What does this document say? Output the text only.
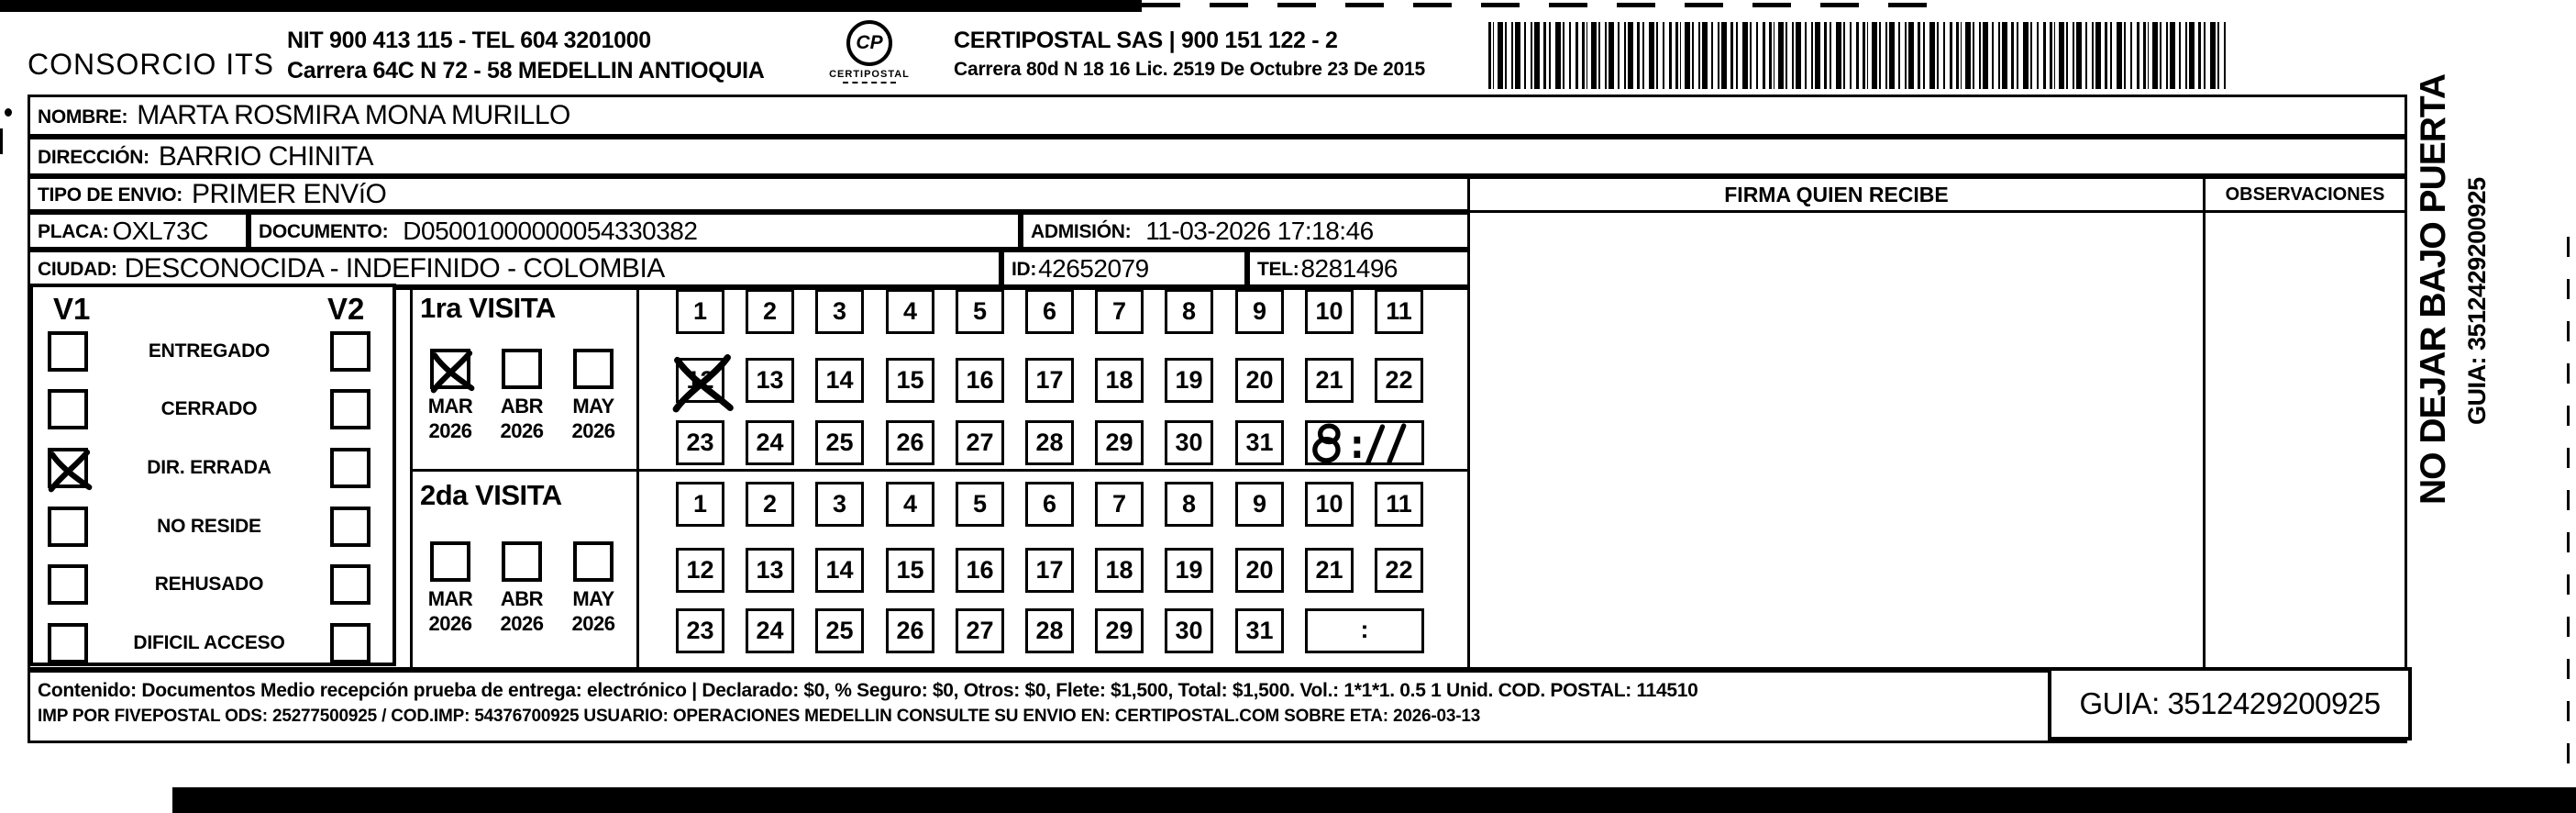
CONSORCIO ITS
NIT 900 413 115 - TEL 604 3201000
Carrera 64C N 72 - 58 MEDELLIN ANTIOQUIA
CP
CERTIPOSTAL
CERTIPOSTAL SAS | 900 151 122 - 2
Carrera 80d N 18 16 Lic. 2519 De Octubre 23 De 2015
NOMBRE: MARTA ROSMIRA MONA MURILLO
DIRECCIÓN: BARRIO CHINITA
TIPO DE ENVIO: PRIMER ENVíO
PLACA: OXL73C	DOCUMENTO: D05001000000054330382	ADMISIÓN: 11-03-2026 17:18:46
CIUDAD: DESCONOCIDA - INDEFINIDO - COLOMBIA	ID: 42652079	TEL: 8281496
FIRMA QUIEN RECIBE	OBSERVACIONES
V1	V2
ENTREGADO
CERRADO
DIR. ERRADA
NO RESIDE
REHUSADO
DIFICIL ACCESO
1ra VISITA
MAR
2026
ABR
2026
MAY
2026
1	2	3	4	5	6	7	8	9	10	11
12	13	14	15	16	17	18	19	20	21	22
23	24	25	26	27	28	29	30	31
2da VISITA
MAR
2026
ABR
2026
MAY
2026
1	2	3	4	5	6	7	8	9	10	11
12	13	14	15	16	17	18	19	20	21	22
23	24	25	26	27	28	29	30	31	:
Contenido: Documentos Medio recepción prueba de entrega: electrónico | Declarado: $0, % Seguro: $0, Otros: $0, Flete: $1,500, Total: $1,500. Vol.: 1*1*1. 0.5 1 Unid. COD. POSTAL: 114510
IMP POR FIVEPOSTAL ODS: 25277500925 / COD.IMP: 54376700925 USUARIO: OPERACIONES MEDELLIN CONSULTE SU ENVIO EN: CERTIPOSTAL.COM SOBRE ETA: 2026-03-13	GUIA: 3512429200925
NO DEJAR BAJO PUERTA GUIA: 3512429200925
